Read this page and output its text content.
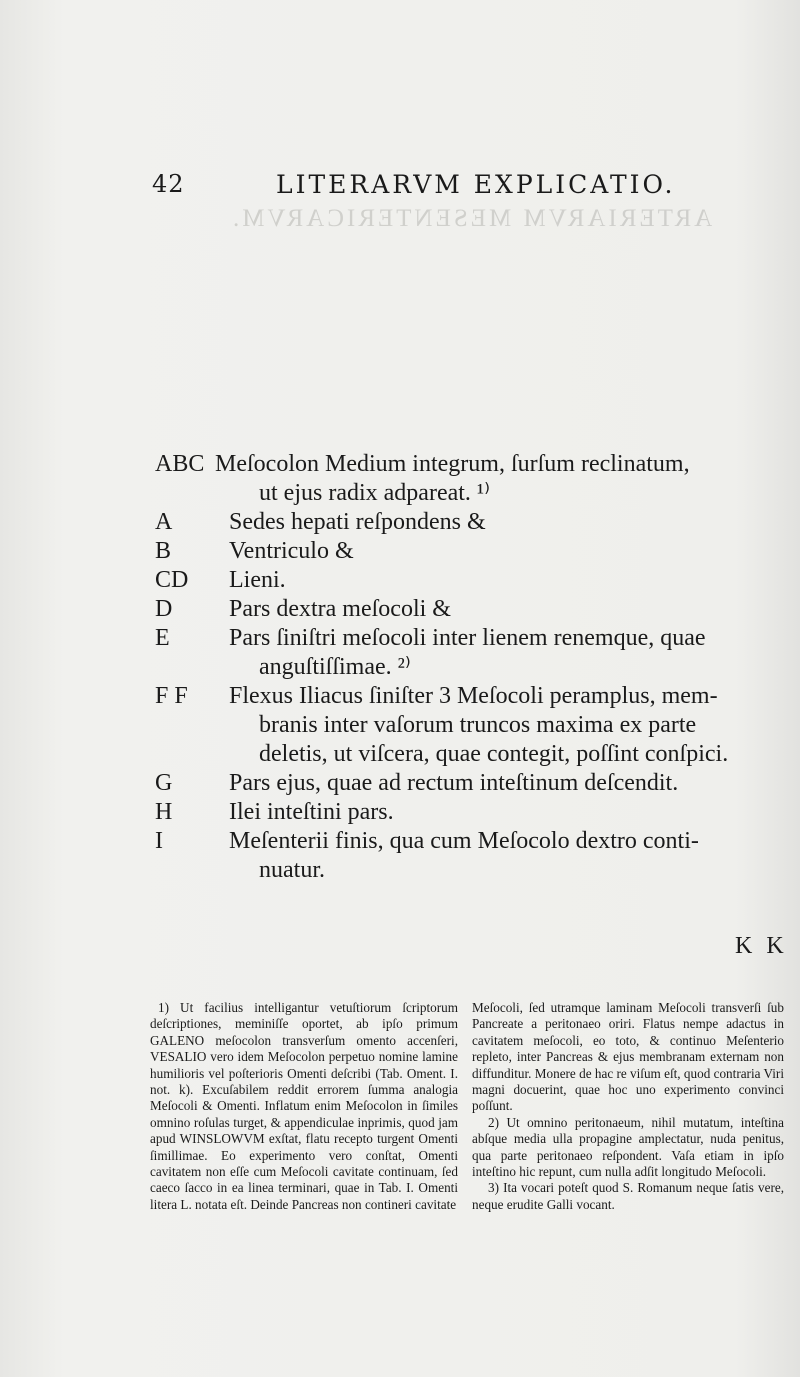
ARTERIARVM MESENTERICARVM.
42	LITERARVM EXPLICATIO.
ABC Meſocolon Medium integrum, ſurſum reclinatum,
ut ejus radix adpareat. ¹⁾
A Sedes hepati reſpondens &
B Ventriculo &
CD Lieni.
D Pars dextra meſocoli &
E Pars ſiniſtri meſocoli inter lienem renemque, quae
anguſtiſſimae. ²⁾
F F Flexus Iliacus ſiniſter 3 Meſocoli peramplus, mem-
branis inter vaſorum truncos maxima ex parte
deletis, ut viſcera, quae contegit, poſſint conſpici.
G Pars ejus, quae ad rectum inteſtinum deſcendit.
H Ilei inteſtini pars.
I	Meſenterii finis, qua cum Meſocolo dextro conti-
nuatur.
K K

1) Ut facilius intelligantur vetuſtiorum ſcriptorum deſcriptiones, meminiſſe oportet, ab ipſo primum GALENO meſocolon transverſum omento accenſeri, VESALIO vero idem Meſocolon perpetuo nomine lamine humilioris vel poſterioris Omenti deſcribi (Tab. Oment. I. not. k). Excuſabilem reddit errorem ſumma analogia Meſocoli & Omenti. Inflatum enim Meſocolon in ſimiles omnino roſulas turget, & appendiculae inprimis, quod jam apud WINSLOWVM exſtat, flatu recepto turgent Omenti ſimillimae. Eo experimento vero conſtat, Omenti cavitatem non eſſe cum Meſocoli cavitate continuam, ſed caeco ſacco in ea linea terminari, quae in Tab. I. Omenti litera L. notata eſt. Deinde Pancreas non contineri cavitate

Meſocoli, ſed utramque laminam Meſocoli transverſi ſub Pancreate a peritonaeo oriri. Flatus nempe adactus in cavitatem meſocoli, eo toto, & continuo Meſenterio repleto, inter Pancreas & ejus membranam externam non diffunditur. Monere de hac re viſum eſt, quod contraria Viri magni docuerint, quae hoc uno experimento convinci poſſunt.

2) Ut omnino peritonaeum, nihil mutatum, inteſtina abſque media ulla propagine amplectatur, nuda penitus, qua parte peritonaeo reſpondent. Vaſa etiam in ipſo inteſtino hic repunt, cum nulla adſit longitudo Meſocoli.

3) Ita vocari poteſt quod S. Romanum neque ſatis vere, neque erudite Galli vocant.
